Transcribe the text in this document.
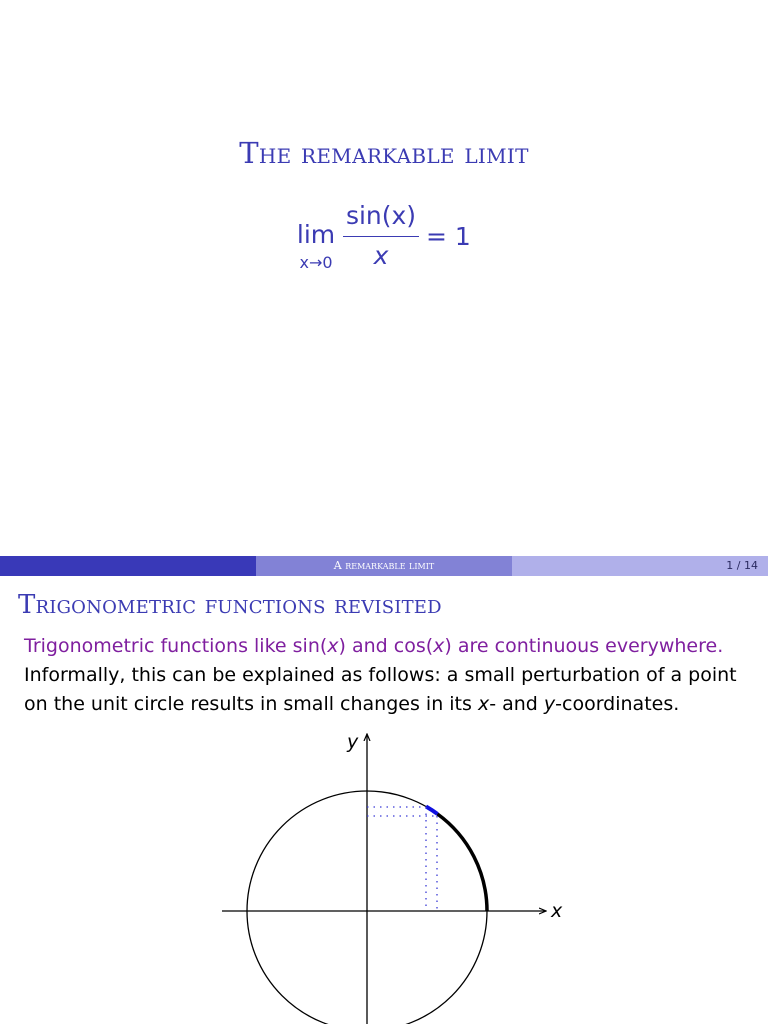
The remarkable limit
lim
x→0
sin(x)
x
= 1
A remarkable limit	1 / 14
Trigonometric functions revisited

Trigonometric functions like sin(x) and cos(x) are continuous everywhere.

Informally, this can be explained as follows: a small perturbation of a point

on the unit circle results in small changes in its x- and y-coordinates.

y
x
